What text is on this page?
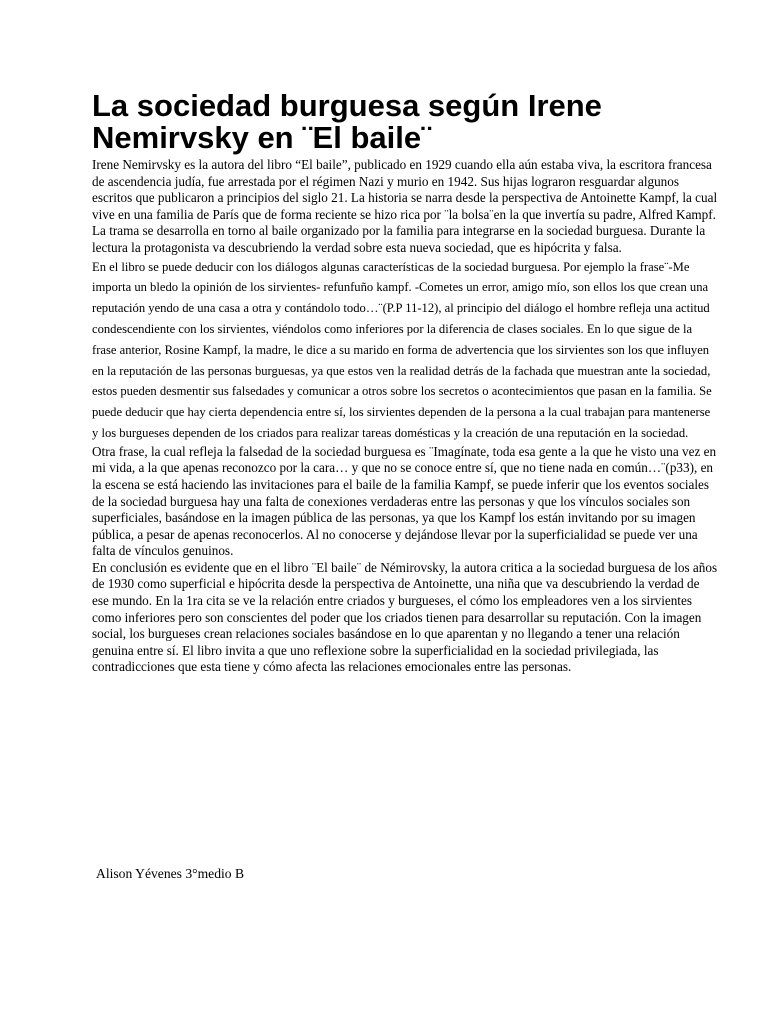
La sociedad burguesa según Irene Nemirvsky en ¨El baile¨

Irene Nemirvsky es la autora del libro “El baile”, publicado en 1929 cuando ella aún estaba viva, la escritora francesa de ascendencia judía, fue arrestada por el régimen Nazi y murio en 1942. Sus hijas lograron resguardar algunos escritos que publicaron a principios del siglo 21. La historia se narra desde la perspectiva de Antoinette Kampf, la cual vive en una familia de París que de forma reciente se hizo rica por ¨la bolsa¨en la que invertía su padre, Alfred Kampf. La trama se desarrolla en torno al baile organizado por la familia para integrarse en la sociedad burguesa. Durante la lectura la protagonista va descubriendo la verdad sobre esta nueva sociedad, que es hipócrita y falsa.

En el libro se puede deducir con los diálogos algunas características de la sociedad burguesa. Por ejemplo la frase¨-Me importa un bledo la opinión de los sirvientes- refunfuño kampf. -Cometes un error, amigo mío, son ellos los que crean una reputación yendo de una casa a otra y contándolo todo…¨(P.P 11-12), al principio del diálogo el hombre refleja una actitud condescendiente con los sirvientes, viéndolos como inferiores por la diferencia de clases sociales. En lo que sigue de la frase anterior, Rosine Kampf, la madre, le dice a su marido en forma de advertencia que los sirvientes son los que influyen en la reputación de las personas burguesas, ya que estos ven la realidad detrás de la fachada que muestran ante la sociedad, estos pueden desmentir sus falsedades y comunicar a otros sobre los secretos o acontecimientos que pasan en la familia. Se puede deducir que hay cierta dependencia entre sí, los sirvientes dependen de la persona a la cual trabajan para mantenerse y los burgueses dependen de los criados para realizar tareas domésticas y la creación de una reputación en la sociedad.

Otra frase, la cual refleja la falsedad de la sociedad burguesa es ¨Imagínate, toda esa gente a la que he visto una vez en mi vida, a la que apenas reconozco por la cara… y que no se conoce entre sí, que no tiene nada en común…¨(p33), en la escena se está haciendo las invitaciones para el baile de la familia Kampf, se puede inferir que los eventos sociales de la sociedad burguesa hay una falta de conexiones verdaderas entre las personas y que los vínculos sociales son superficiales, basándose en la imagen pública de las personas, ya que los Kampf los están invitando por su imagen pública, a pesar de apenas reconocerlos. Al no conocerse y dejándose llevar por la superficialidad se puede ver una falta de vínculos genuinos.

En conclusión es evidente que en el libro ¨El baile¨ de Némirovsky, la autora critica a la sociedad burguesa de los años de 1930 como superficial e hipócrita desde la perspectiva de Antoinette, una niña que va descubriendo la verdad de ese mundo. En la 1ra cita se ve la relación entre criados y burgueses, el cómo los empleadores ven a los sirvientes como inferiores pero son conscientes del poder que los criados tienen para desarrollar su reputación. Con la imagen social, los burgueses crean relaciones sociales basándose en lo que aparentan y no llegando a tener una relación genuina entre sí. El libro invita a que uno reflexione sobre la superficialidad en la sociedad privilegiada, las contradicciones que esta tiene y cómo afecta las relaciones emocionales entre las personas.

Alison Yévenes 3°medio B
